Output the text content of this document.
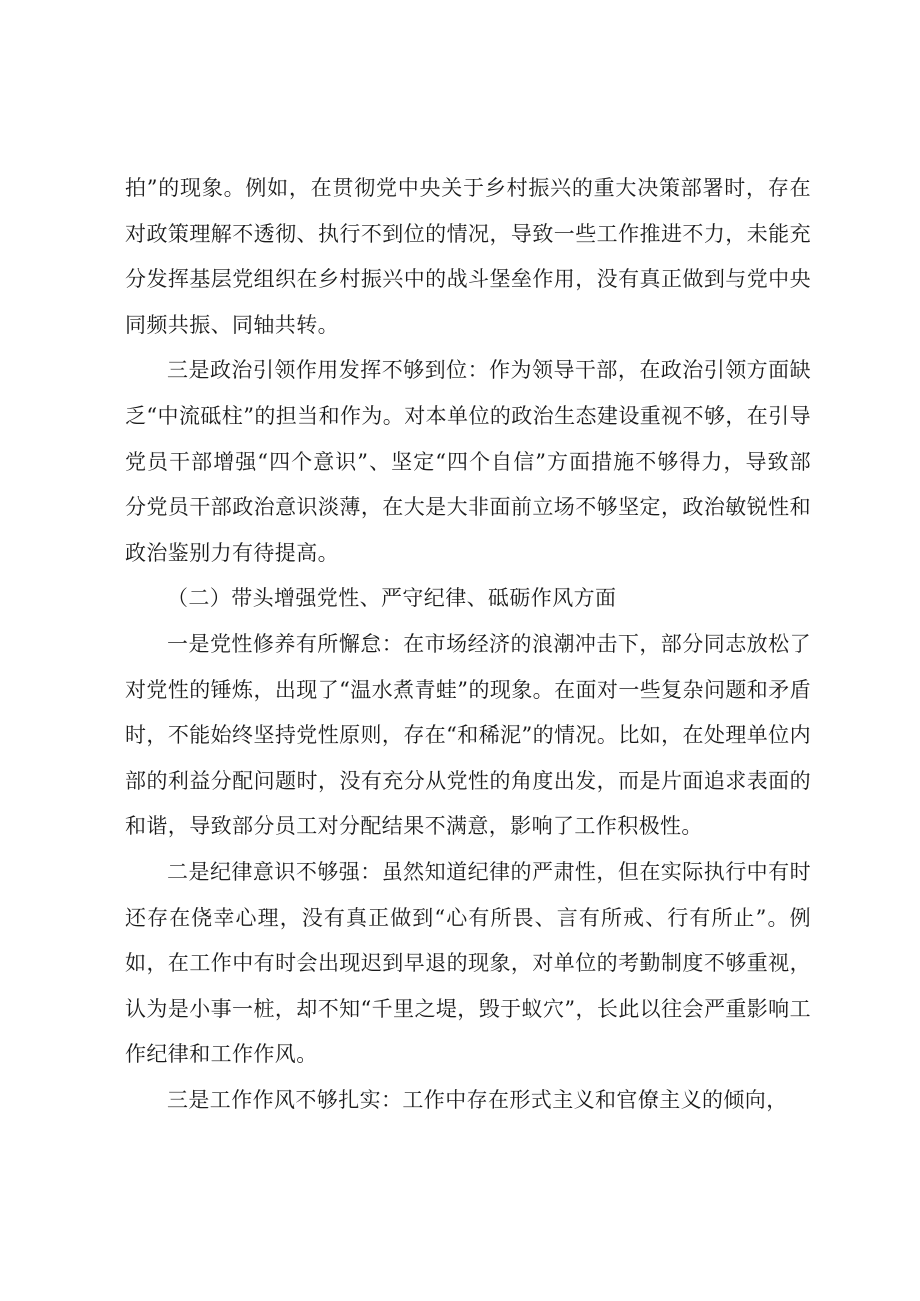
拍”的现象。例如，在贯彻党中央关于乡村振兴的重大决策部署时，存在对政策理解不透彻、执行不到位的情况，导致一些工作推进不力，未能充分发挥基层党组织在乡村振兴中的战斗堡垒作用，没有真正做到与党中央同频共振、同轴共转。

三是政治引领作用发挥不够到位：作为领导干部，在政治引领方面缺乏“中流砥柱”的担当和作为。对本单位的政治生态建设重视不够，在引导党员干部增强“四个意识”、坚定“四个自信”方面措施不够得力，导致部分党员干部政治意识淡薄，在大是大非面前立场不够坚定，政治敏锐性和政治鉴别力有待提高。

（二）带头增强党性、严守纪律、砥砺作风方面

一是党性修养有所懈怠：在市场经济的浪潮冲击下，部分同志放松了对党性的锤炼，出现了“温水煮青蛙”的现象。在面对一些复杂问题和矛盾时，不能始终坚持党性原则，存在“和稀泥”的情况。比如，在处理单位内部的利益分配问题时，没有充分从党性的角度出发，而是片面追求表面的和谐，导致部分员工对分配结果不满意，影响了工作积极性。

二是纪律意识不够强：虽然知道纪律的严肃性，但在实际执行中有时还存在侥幸心理，没有真正做到“心有所畏、言有所戒、行有所止”。例如，在工作中有时会出现迟到早退的现象，对单位的考勤制度不够重视，认为是小事一桩，却不知“千里之堤，毁于蚁穴”，长此以往会严重影响工作纪律和工作作风。

三是工作作风不够扎实：工作中存在形式主义和官僚主义的倾向，
